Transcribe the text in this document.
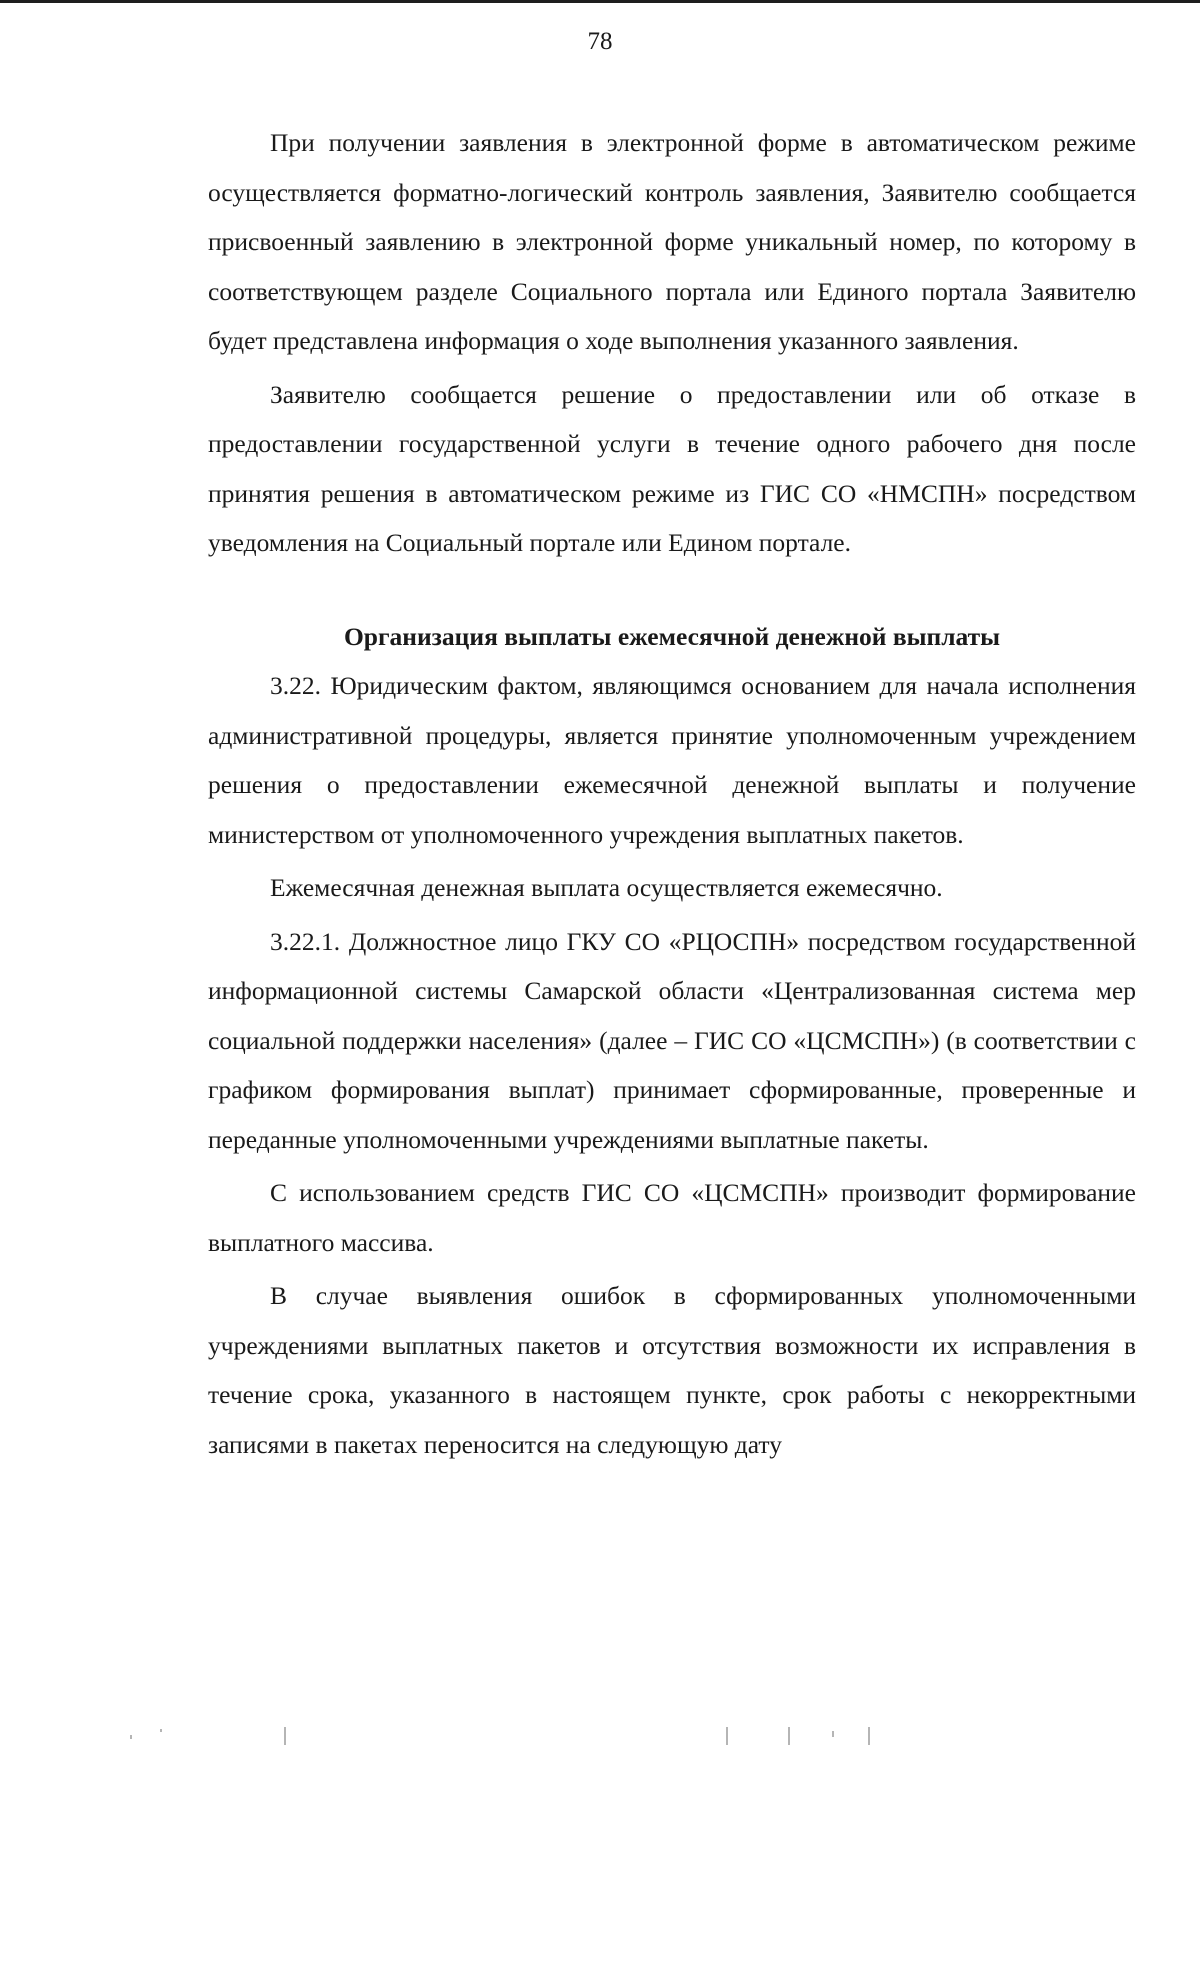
78

При получении заявления в электронной форме в автоматическом режиме осуществляется форматно-логический контроль заявления, Заявителю сообщается присвоенный заявлению в электронной форме уникальный номер, по которому в соответствующем разделе Социального портала или Единого портала Заявителю будет представлена информация о ходе выполнения указанного заявления.

Заявителю сообщается решение о предоставлении или об отказе в предоставлении государственной услуги в течение одного рабочего дня после принятия решения в автоматическом режиме из ГИС СО «НМСПН» посредством уведомления на Социальный портале или Едином портале.

Организация выплаты ежемесячной денежной выплаты

3.22. Юридическим фактом, являющимся основанием для начала исполнения административной процедуры, является принятие уполномоченным учреждением решения о предоставлении ежемесячной денежной выплаты и получение министерством от уполномоченного учреждения выплатных пакетов.

Ежемесячная денежная выплата осуществляется ежемесячно.

3.22.1. Должностное лицо ГКУ СО «РЦОСПН» посредством государственной информационной системы Самарской области «Централизованная система мер социальной поддержки населения» (далее – ГИС СО «ЦСМСПН») (в соответствии с графиком формирования выплат) принимает сформированные, проверенные и переданные уполномоченными учреждениями выплатные пакеты.

С использованием средств ГИС СО «ЦСМСПН» производит формирование выплатного массива.

В случае выявления ошибок в сформированных уполномоченными учреждениями выплатных пакетов и отсутствия возможности их исправления в течение срока, указанного в настоящем пункте, срок работы с некорректными записями в пакетах переносится на следующую дату
